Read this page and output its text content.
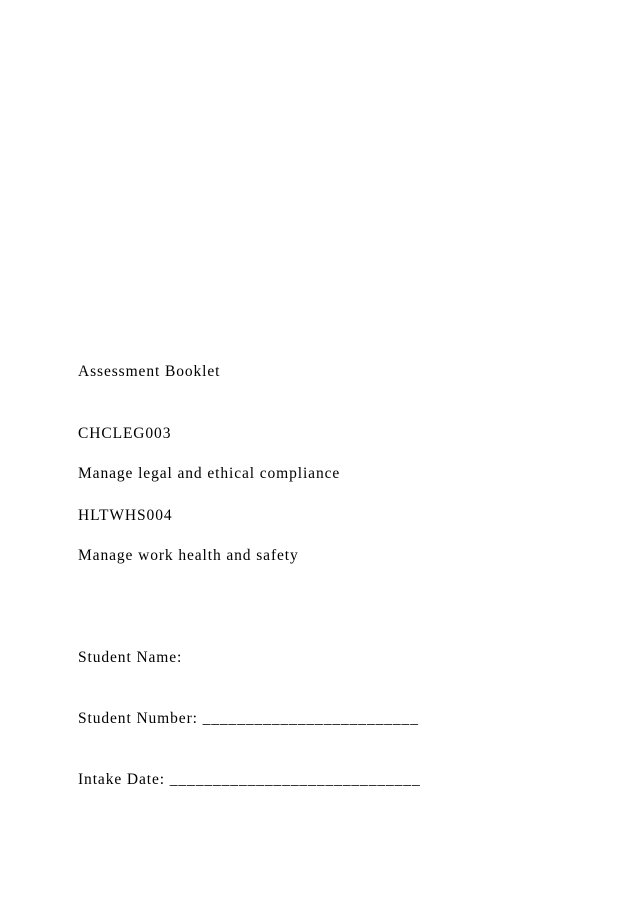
Assessment Booklet

CHCLEG003

Manage legal and ethical compliance

HLTWHS004

Manage work health and safety

Student Name:

Student Number: _________________________

Intake Date: _____________________________
